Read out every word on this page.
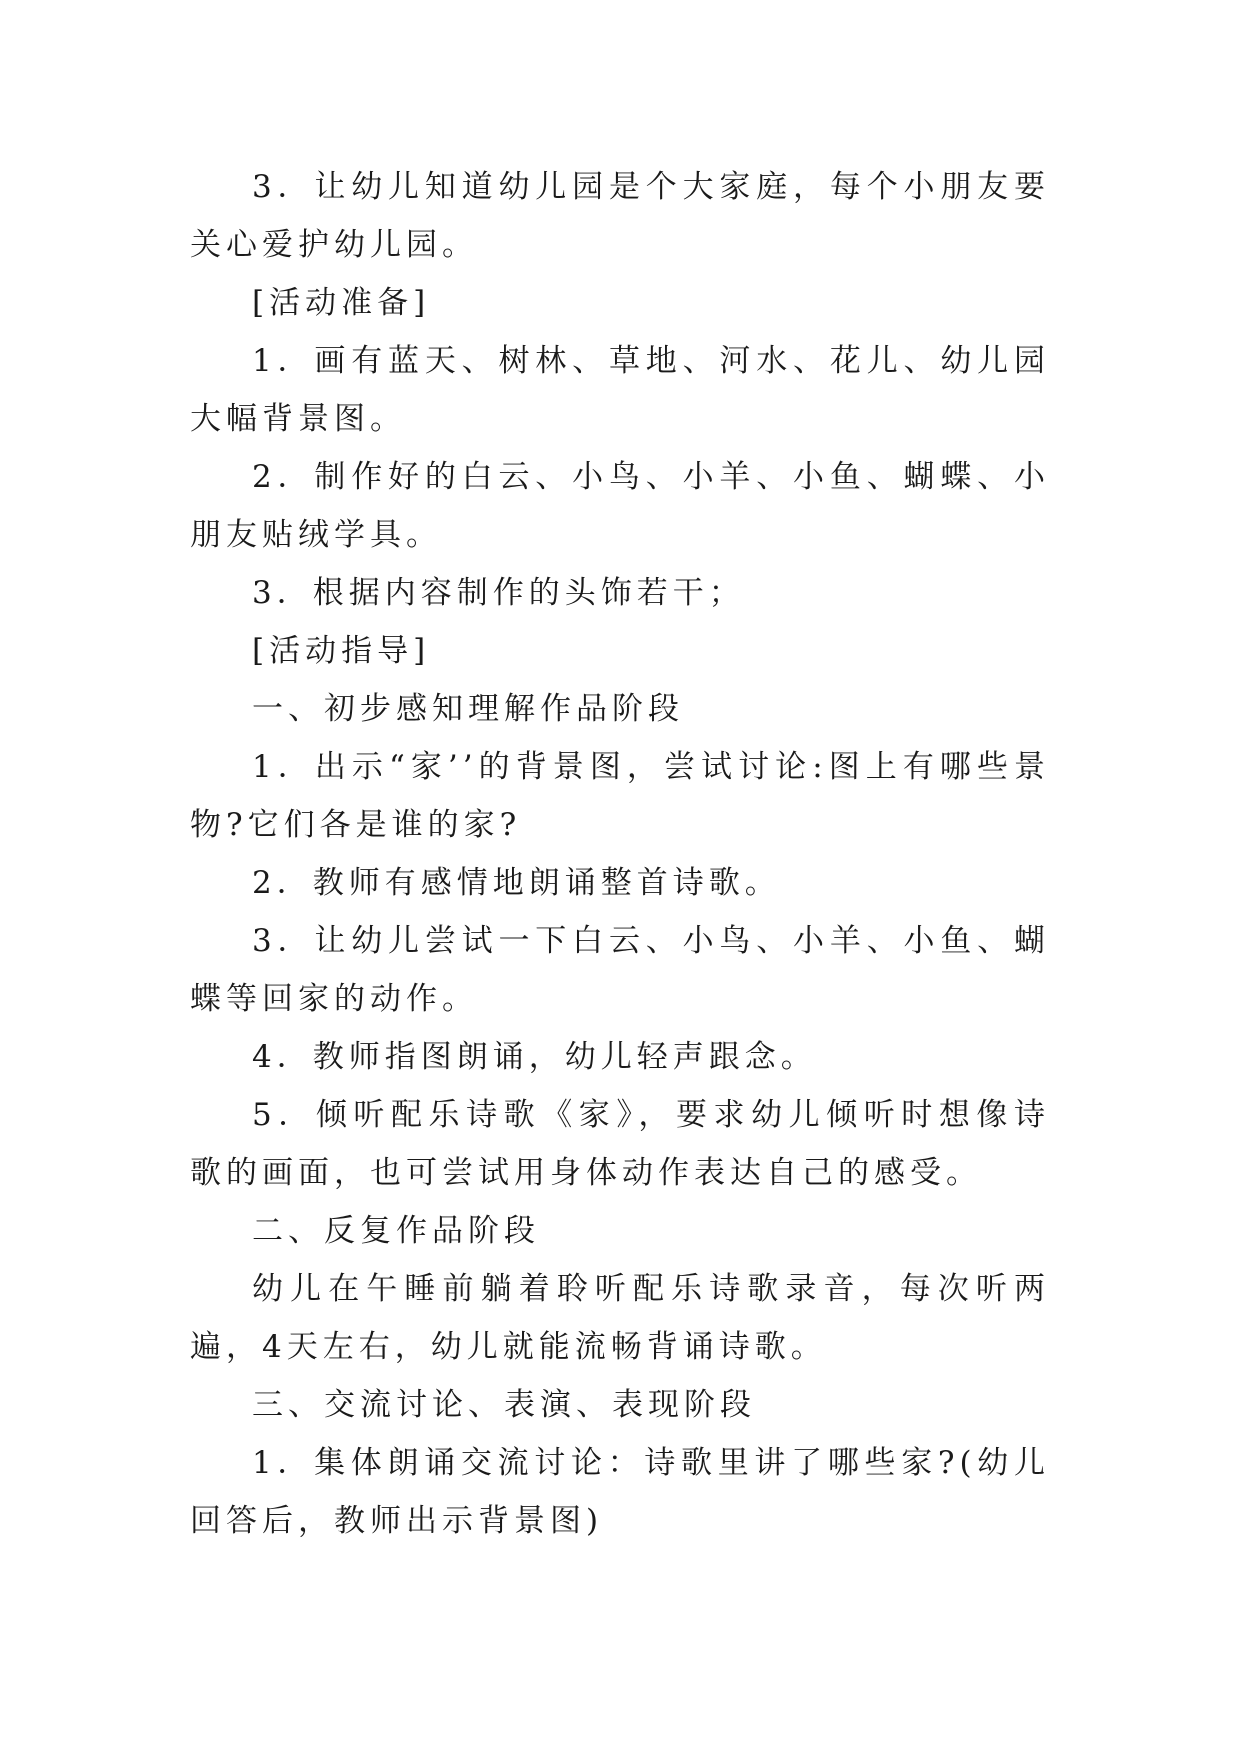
3．让幼儿知道幼儿园是个大家庭，每个小朋友要关心爱护幼儿园。

[活动准备]

1．画有蓝天、树林、草地、河水、花儿、幼儿园大幅背景图。

2．制作好的白云、小鸟、小羊、小鱼、蝴蝶、小朋友贴绒学具。

3．根据内容制作的头饰若干；

[活动指导]

一、初步感知理解作品阶段

1．出示“家’’的背景图，尝试讨论:图上有哪些景物?它们各是谁的家?

2．教师有感情地朗诵整首诗歌。

3．让幼儿尝试一下白云、小鸟、小羊、小鱼、蝴蝶等回家的动作。

4．教师指图朗诵，幼儿轻声跟念。

5．倾听配乐诗歌《家》，要求幼儿倾听时想像诗歌的画面，也可尝试用身体动作表达自己的感受。

二、反复作品阶段

幼儿在午睡前躺着聆听配乐诗歌录音，每次听两遍，4天左右，幼儿就能流畅背诵诗歌。

三、交流讨论、表演、表现阶段

1．集体朗诵交流讨论：诗歌里讲了哪些家?(幼儿回答后，教师出示背景图)
